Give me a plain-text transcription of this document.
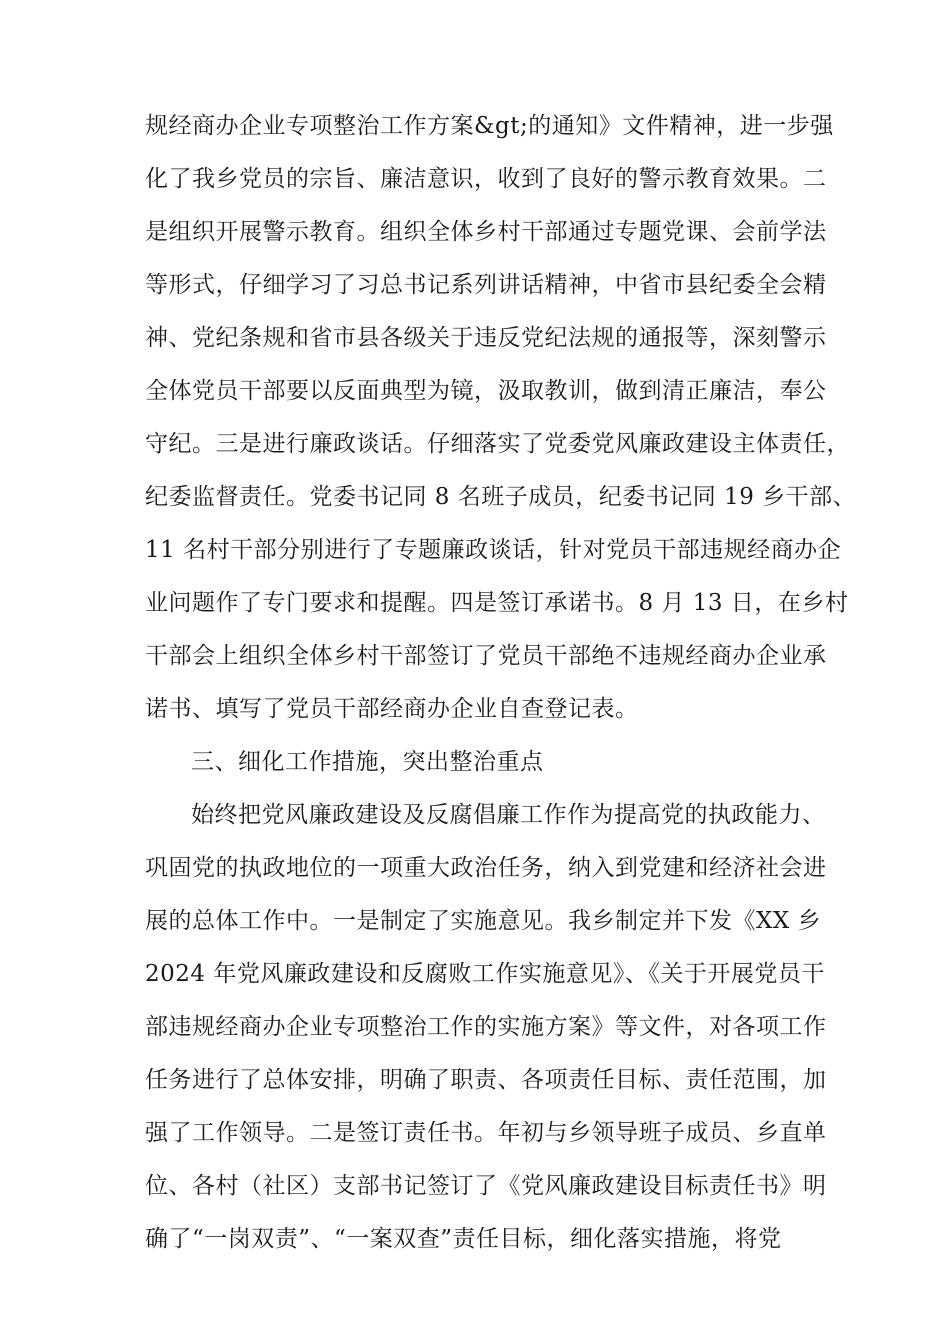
规经商办企业专项整治工作方案&gt;的通知》文件精神，进一步强
化了我乡党员的宗旨、廉洁意识，收到了良好的警示教育效果。二
是组织开展警示教育。组织全体乡村干部通过专题党课、会前学法
等形式，仔细学习了习总书记系列讲话精神，中省市县纪委全会精
神、党纪条规和省市县各级关于违反党纪法规的通报等，深刻警示
全体党员干部要以反面典型为镜，汲取教训，做到清正廉洁，奉公
守纪。三是进行廉政谈话。仔细落实了党委党风廉政建设主体责任，
纪委监督责任。党委书记同 8 名班子成员，纪委书记同 19 乡干部、
11 名村干部分别进行了专题廉政谈话，针对党员干部违规经商办企
业问题作了专门要求和提醒。四是签订承诺书。8 月 13 日，在乡村
干部会上组织全体乡村干部签订了党员干部绝不违规经商办企业承
诺书、填写了党员干部经商办企业自查登记表。
三、细化工作措施，突出整治重点
始终把党风廉政建设及反腐倡廉工作作为提高党的执政能力、
巩固党的执政地位的一项重大政治任务，纳入到党建和经济社会进
展的总体工作中。一是制定了实施意见。我乡制定并下发《XX 乡
2024 年党风廉政建设和反腐败工作实施意见》、《关于开展党员干
部违规经商办企业专项整治工作的实施方案》等文件，对各项工作
任务进行了总体安排，明确了职责、各项责任目标、责任范围，加
强了工作领导。二是签订责任书。年初与乡领导班子成员、乡直单
位、各村（社区）支部书记签订了《党风廉政建设目标责任书》明
确了“一岗双责”、“一案双查”责任目标，细化落实措施，将党
